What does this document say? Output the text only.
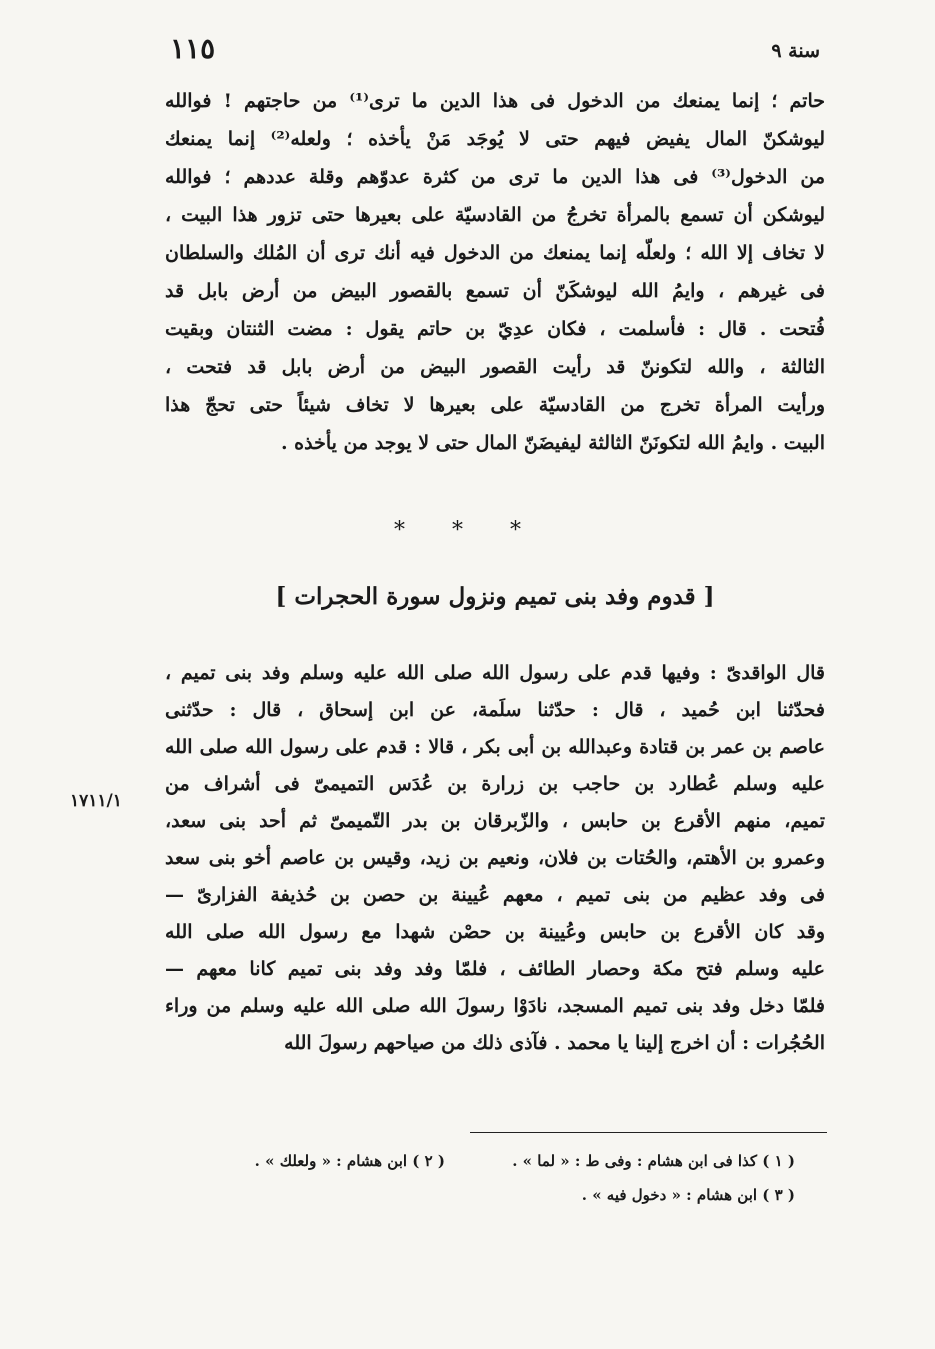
سنة ٩
١١٥
حاتم ؛ إنما يمنعك من الدخول فى هذا الدين ما ترى⁽¹⁾ من حاجتهم ! فوالله
ليوشكنّ المال يفيض فيهم حتى لا يُوجَد مَنْ يأخذه ؛ ولعله⁽²⁾ إنما يمنعك
من الدخول⁽³⁾ فى هذا الدين ما ترى من كثرة عدوّهم وقلة عددهم ؛ فوالله
ليوشكن أن تسمع بالمرأة تخرجُ من القادسيّة على بعيرها حتى تزور هذا البيت ،
لا تخاف إلا الله ؛ ولعلّه إنما يمنعك من الدخول فيه أنك ترى أن المُلك والسلطان
فى غيرهم ، وايمُ الله ليوشكَنّ أن تسمع بالقصور البيض من أرض بابل قد
فُتحت . قال : فأسلمت ، فكان عدِيّ بن حاتم يقول : مضت الثنتان وبقيت
الثالثة ، والله لتكوننّ قد رأيت القصور البيض من أرض بابل قد فتحت ،
ورأيت المرأة تخرج من القادسيّة على بعيرها لا تخاف شيئاً حتى تحجّ هذا
البيت . وايمُ الله لتكونَنّ الثالثة ليفيضَنّ المال حتى لا يوجد من يأخذه .
* * *
[ قدوم وفد بنى تميم ونزول سورة الحجرات ]
قال الواقدىّ : وفيها قدم على رسول الله صلى الله عليه وسلم وفد بنى تميم ،
فحدّثنا ابن حُميد ، قال : حدّثنا سلَمة، عن ابن إسحاق ، قال : حدّثنى
عاصم بن عمر بن قتادة وعبدالله بن أبى بكر ، قالا : قدم على رسول الله صلى الله
عليه وسلم عُطارد بن حاجب بن زرارة بن عُدَس التميمىّ فى أشراف من
تميم، منهم الأقرع بن حابس ، والزّبرقان بن بدر التّميمىّ ثم أحد بنى سعد،
وعمرو بن الأهتم، والحُتات بن فلان، ونعيم بن زيد، وقيس بن عاصم أخو بنى سعد
فى وفد عظيم من بنى تميم ، معهم عُيينة بن حصن بن حُذيفة الفزارىّ —
وقد كان الأقرع بن حابس وعُيينة بن حصْن شهدا مع رسول الله صلى الله
عليه وسلم فتح مكة وحصار الطائف ، فلمّا وفد وفد بنى تميم كانا معهم —
فلمّا دخل وفد بنى تميم المسجد، نادَوْا رسولَ الله صلى الله عليه وسلم من وراء
الحُجُرات : أن اخرج إلينا يا محمد . فآذى ذلك من صياحهم رسولَ الله
١٧١١/١
( ١ ) كذا فى ابن هشام : وفى ط : « لما » .
( ٢ ) ابن هشام : « ولعلك » .
( ٣ ) ابن هشام : « دخول فيه » .
